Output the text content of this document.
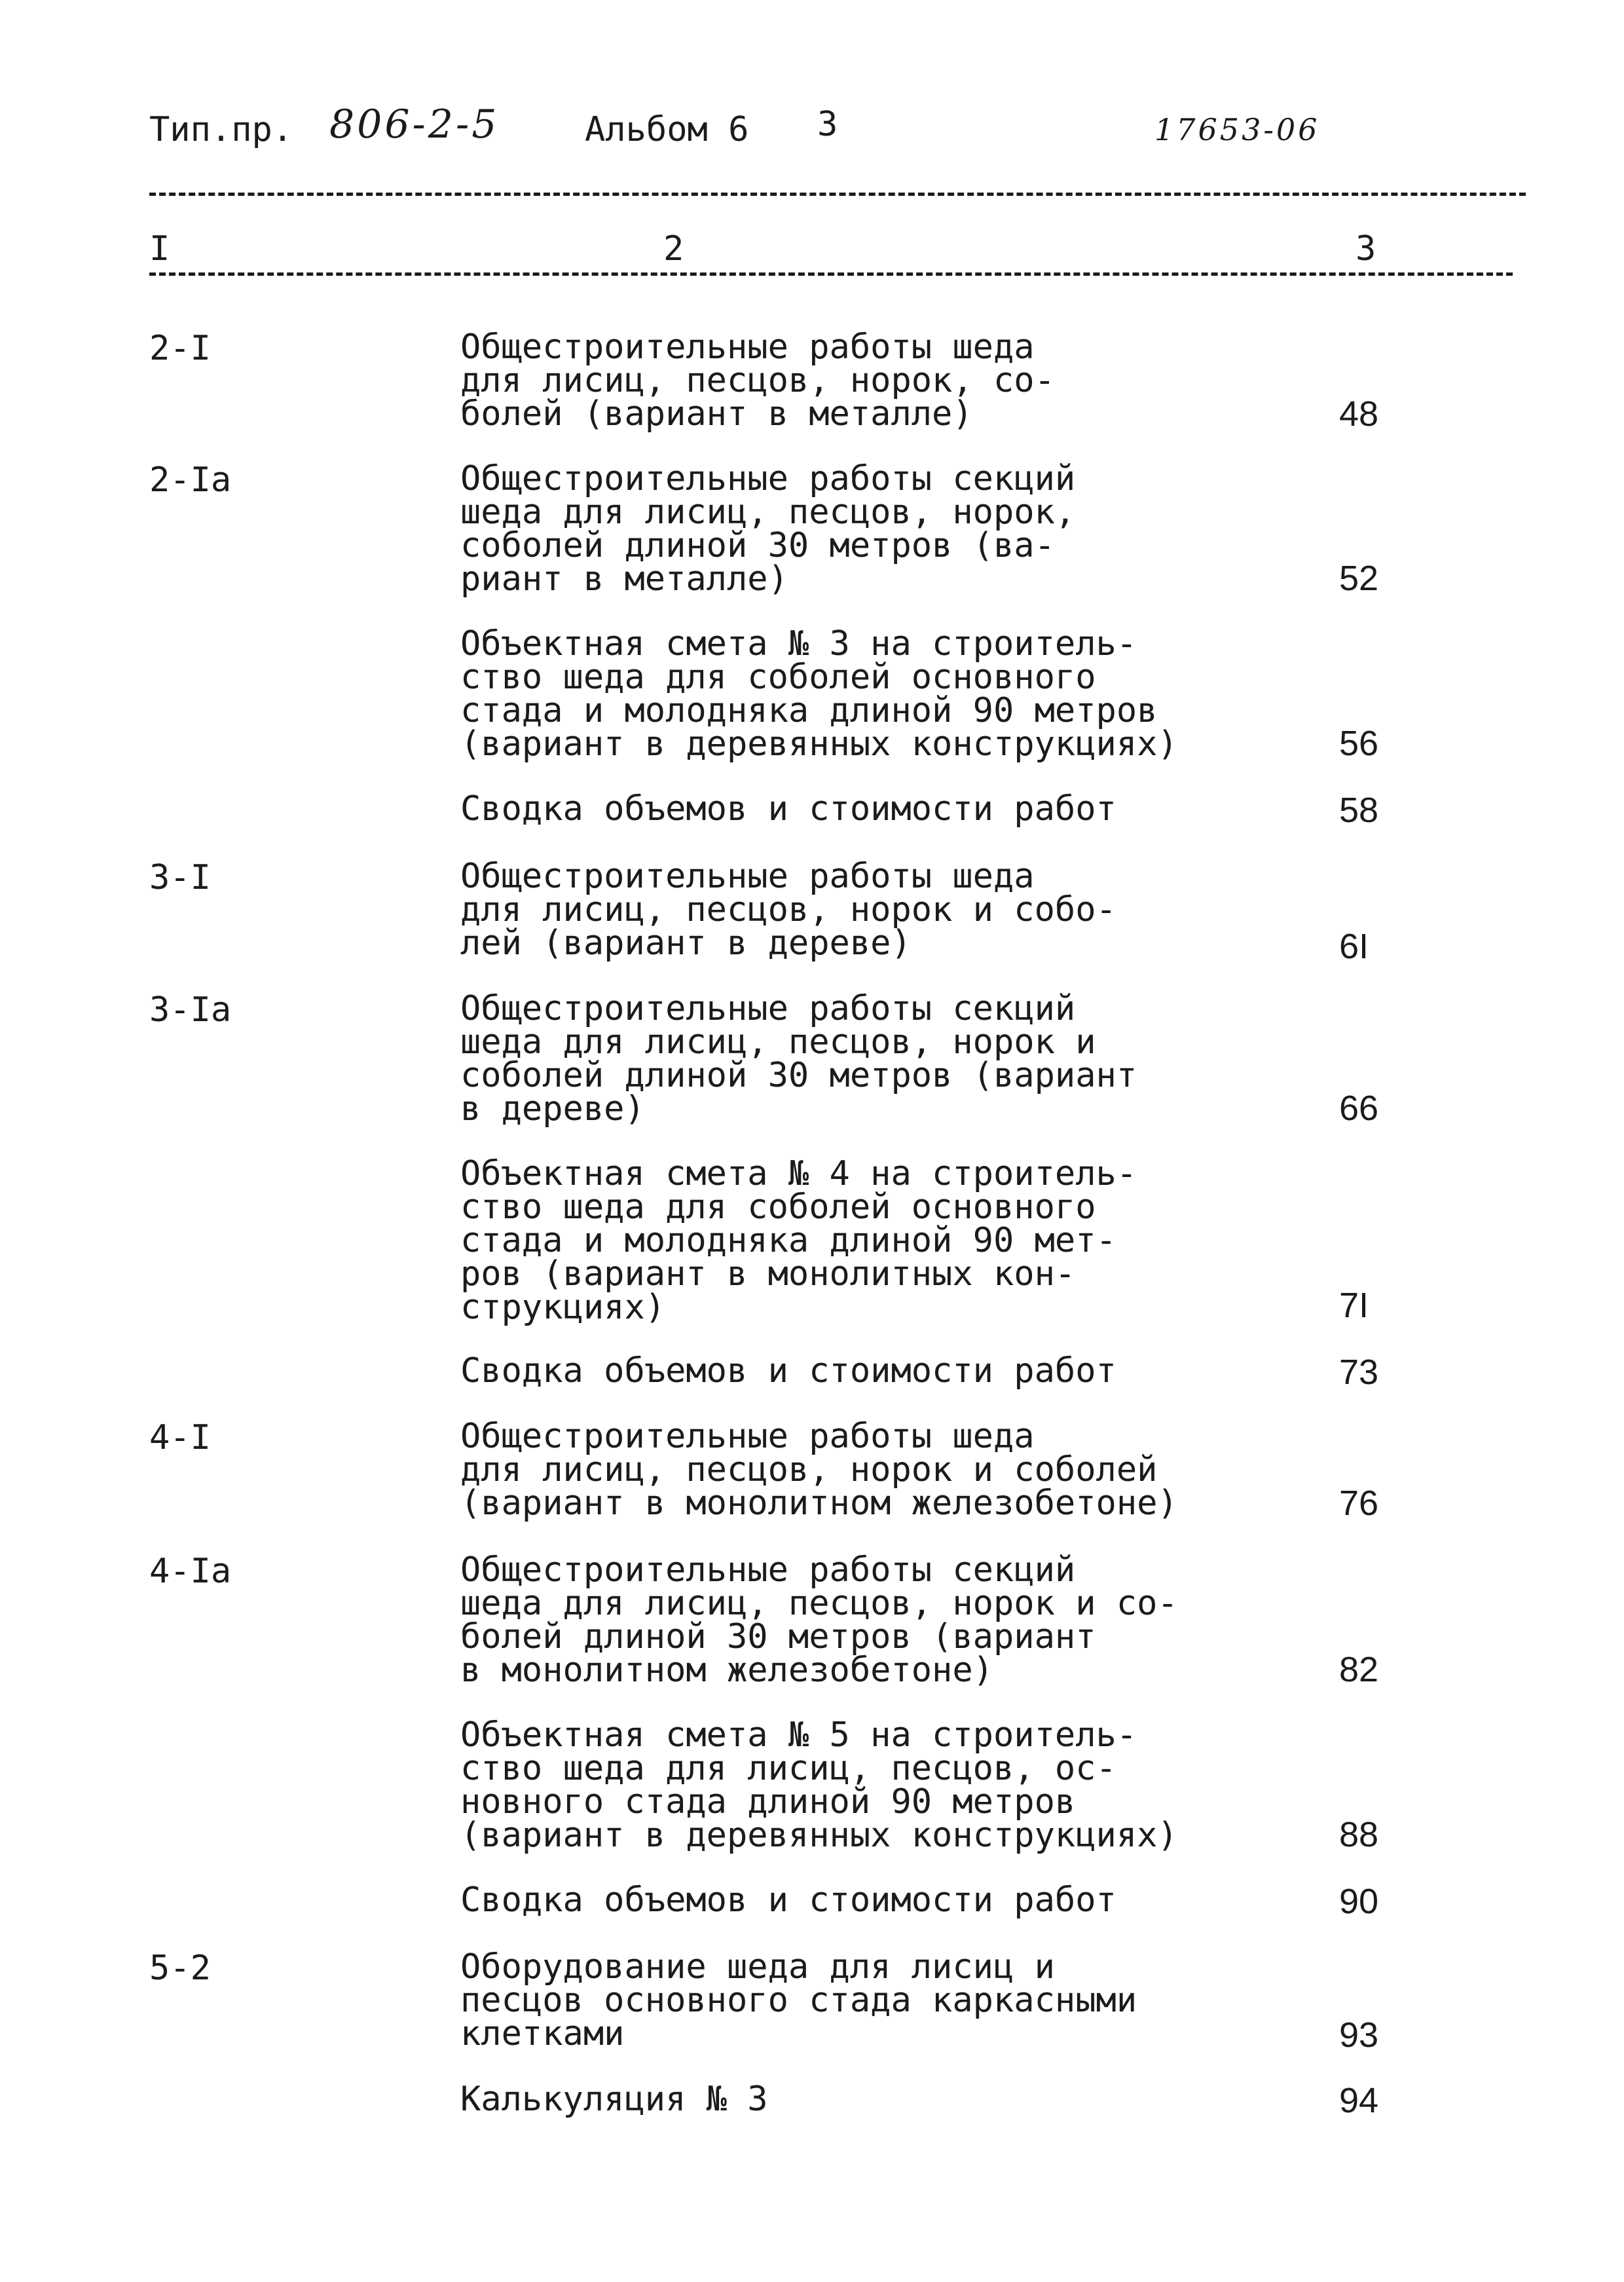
Тип.пр. 806-2-5	Альбом 6 3	17653-06
I	2	3
2-I	Общестроительные работы шеда
для лисиц, песцов, норок, со-
болей (вариант в металле)	48
2-Iа	Общестроительные работы секций
шеда для лисиц, песцов, норок,
соболей длиной 30 метров (ва-
риант в металле)	52
Объектная смета № 3 на строитель-
ство шеда для соболей основного
стада и молодняка длиной 90 метров
(вариант в деревянных конструкциях)	56
Сводка объемов и стоимости работ	58
3-I	Общестроительные работы шеда
для лисиц, песцов, норок и собо-
лей (вариант в дереве)	6I
3-Iа	Общестроительные работы секций
шеда для лисиц, песцов, норок и
соболей длиной 30 метров (вариант
в дереве)	66
Объектная смета № 4 на строитель-
ство шеда для соболей основного
стада и молодняка длиной 90 мет-
ров (вариант в монолитных кон-
струкциях)	7I
Сводка объемов и стоимости работ	73
4-I	Общестроительные работы шеда
для лисиц, песцов, норок и соболей
(вариант в монолитном железобетоне)	76
4-Iа	Общестроительные работы секций
шеда для лисиц, песцов, норок и со-
болей длиной 30 метров (вариант
в монолитном железобетоне)	82
Объектная смета № 5 на строитель-
ство шеда для лисиц, песцов, ос-
новного стада длиной 90 метров
(вариант в деревянных конструкциях)	88
Сводка объемов и стоимости работ	90
5-2	Оборудование шеда для лисиц и
песцов основного стада каркасными
клетками	93
Калькуляция № 3	94
